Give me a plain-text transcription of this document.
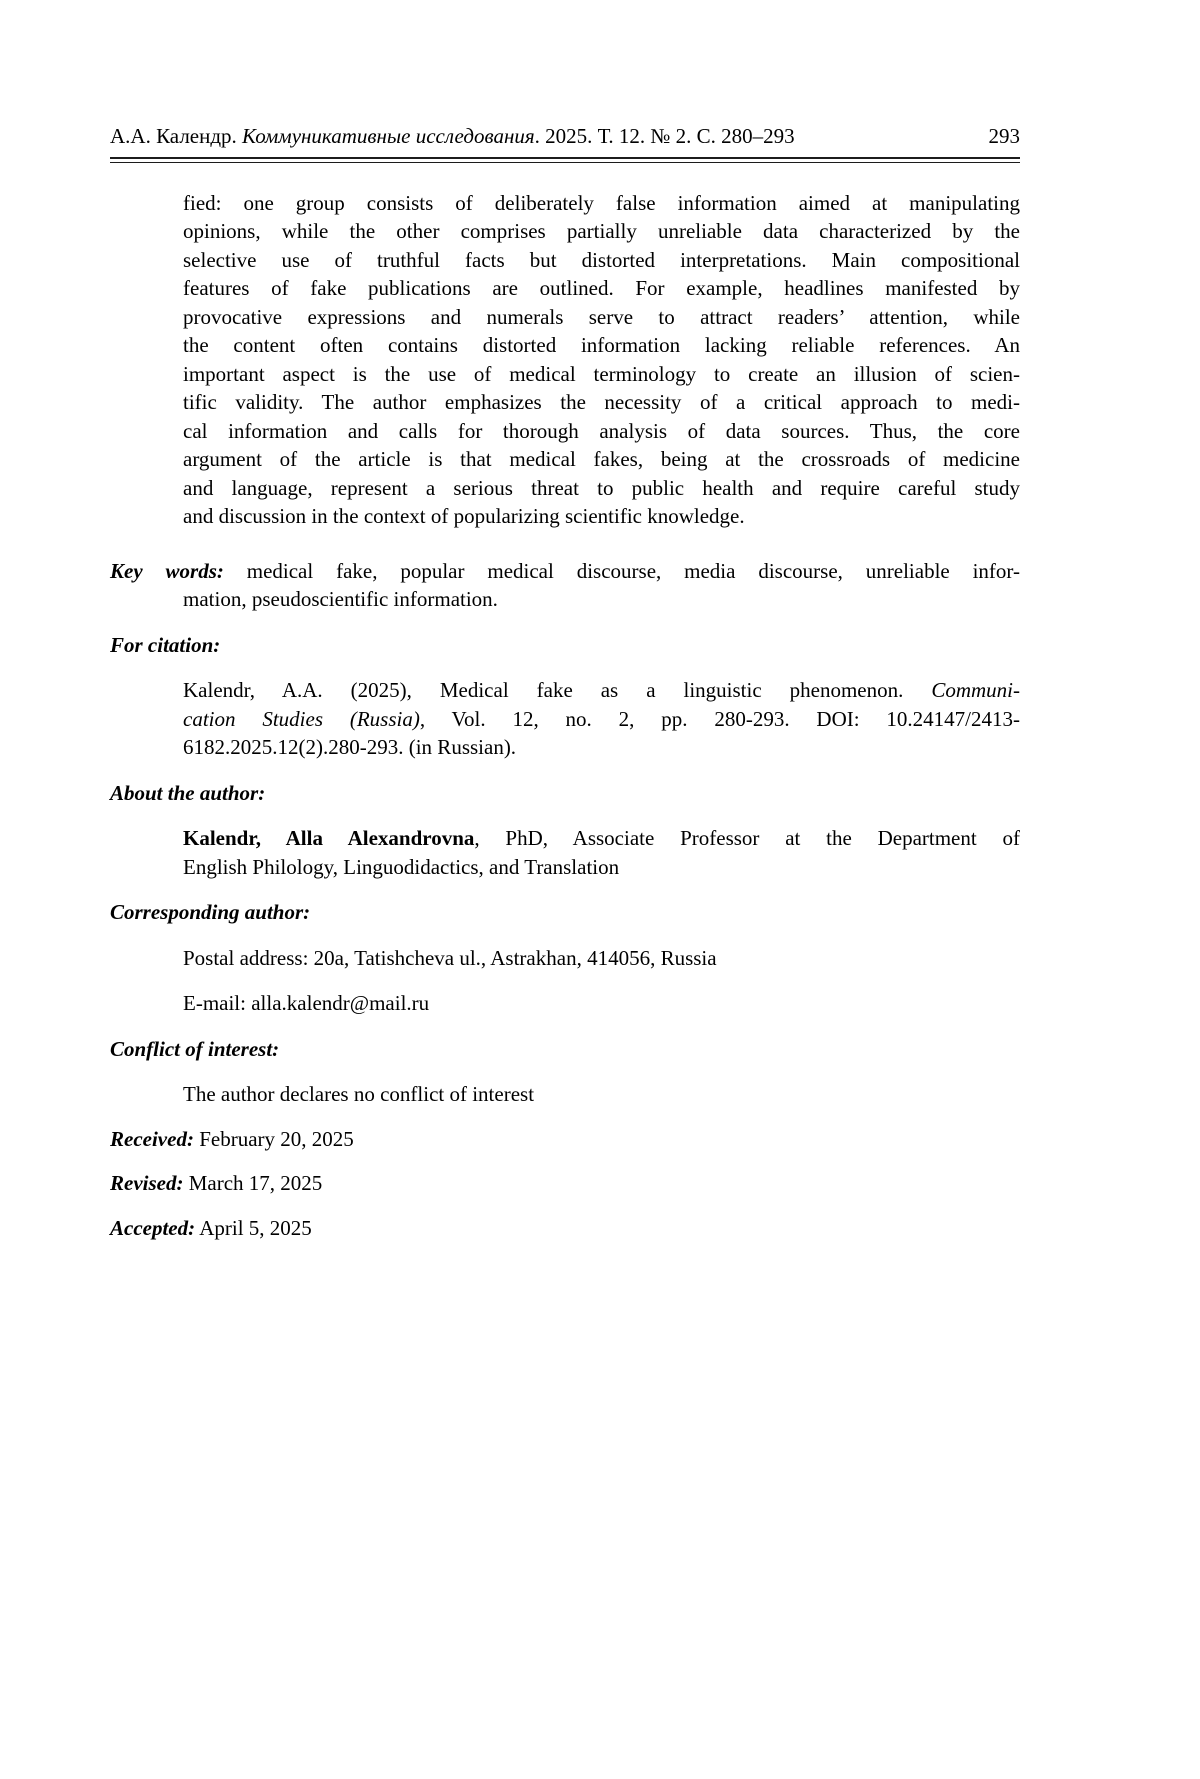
А.А. Календр. Коммуникативные исследования. 2025. Т. 12. № 2. С. 280–293	293
fied: one group consists of deliberately false information aimed at manipulating
opinions, while the other comprises partially unreliable data characterized by the
selective use of truthful facts but distorted interpretations. Main compositional
features of fake publications are outlined. For example, headlines manifested by
provocative expressions and numerals serve to attract readers’ attention, while
the content often contains distorted information lacking reliable references. An
important aspect is the use of medical terminology to create an illusion of scien-
tific validity. The author emphasizes the necessity of a critical approach to medi-
cal information and calls for thorough analysis of data sources. Thus, the core
argument of the article is that medical fakes, being at the crossroads of medicine
and language, represent a serious threat to public health and require careful study
and discussion in the context of popularizing scientific knowledge.
Key words: medical fake, popular medical discourse, media discourse, unreliable infor-
mation, pseudoscientific information.
For citation:
Kalendr, A.A. (2025), Medical fake as a linguistic phenomenon. Communi-
cation Studies (Russia), Vol. 12, no. 2, pp. 280-293. DOI: 10.24147/2413-
6182.2025.12(2).280-293. (in Russian).
About the author:
Kalendr, Alla Alexandrovna, PhD, Associate Professor at the Department of
English Philology, Linguodidactics, and Translation
Corresponding author:
Postal address: 20a, Tatishcheva ul., Astrakhan, 414056, Russia
E-mail: alla.kalendr@mail.ru
Conflict of interest:
The author declares no conflict of interest
Received: February 20, 2025
Revised: March 17, 2025
Accepted: April 5, 2025
